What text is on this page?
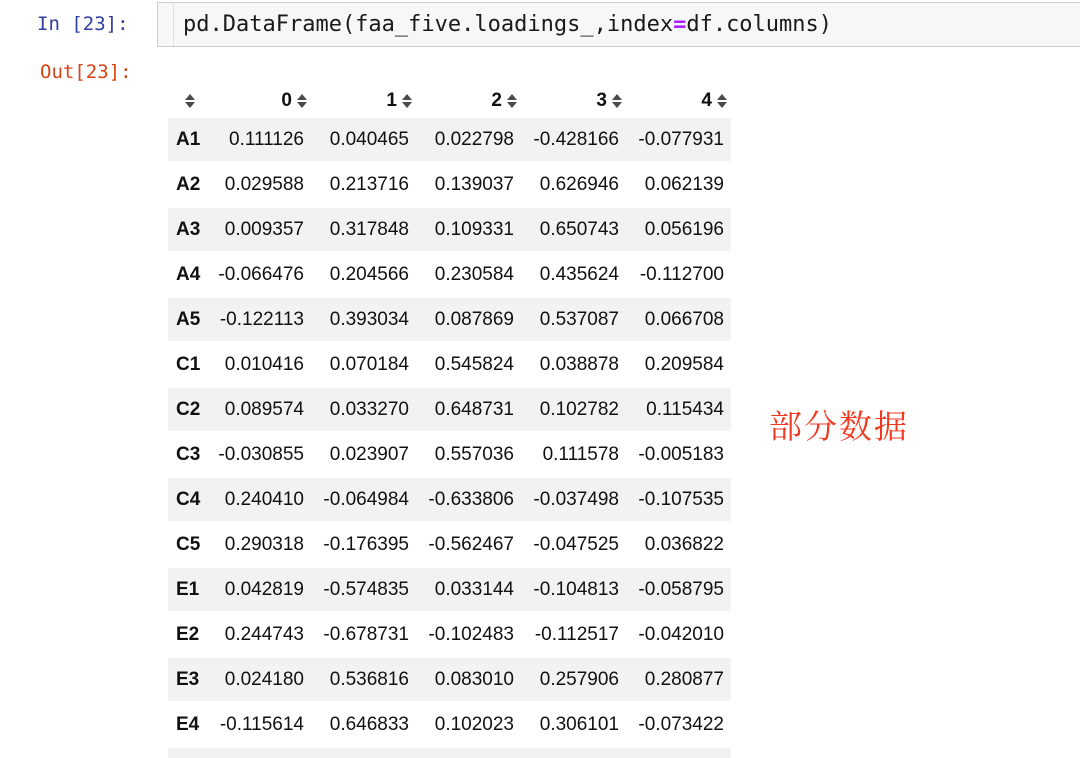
In [23]: pd.DataFrame(faa_five.loadings_,index = df.columns)
Out[23]:
0	1	2	3	4
A1	0.111126	0.040465	0.022798	-0.428166	-0.077931
A2	0.029588	0.213716	0.139037	0.626946	0.062139
A3	0.009357	0.317848	0.109331	0.650743	0.056196
A4 -0.066476	0.204566	0.230584	0.435624	-0.112700
A5	-0.122113	0.393034	0.087869	0.537087	0.066708
C1	0.010416	0.070184	0.545824	0.038878	0.209584
C2	0.089574	0.033270	0.648731	0.102782	0.115434
C3 -0.030855	0.023907	0.557036	0.111578	-0.005183
C4	0.240410	-0.064984	-0.633806	-0.037498	-0.107535
C5	0.290318	-0.176395	-0.562467	-0.047525	0.036822
E1	0.042819	-0.574835	0.033144	-0.104813	-0.058795
E2	0.244743	-0.678731	-0.102483	-0.112517	-0.042010
E3	0.024180	0.536816	0.083010	0.257906	0.280877
E4	-0.115614	0.646833	0.102023	0.306101	-0.073422
部分数据
